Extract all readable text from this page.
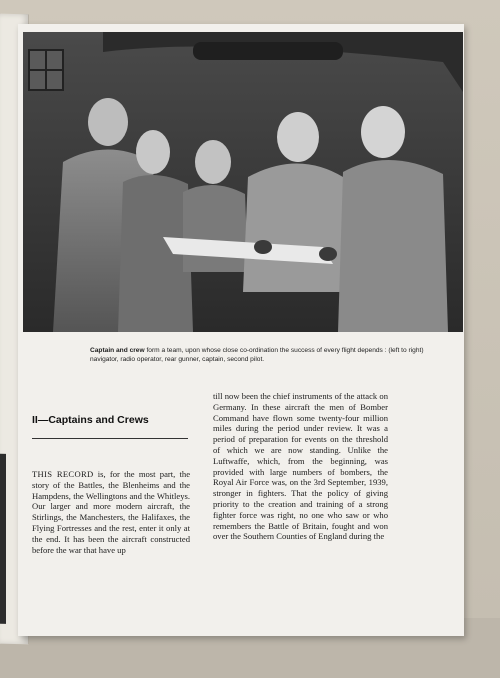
Captain and crew form a team, upon whose close co-ordination the success of every flight depends : (left to right) navigator, radio operator, rear gunner, captain, second pilot.
II—Captains and Crews
THIS RECORD is, for the most part, the story of the Battles, the Blenheims and the Hampdens, the Wellingtons and the Whitleys. Our larger and more modern aircraft, the Stirlings, the Manchesters, the Halifaxes, the Flying Fortresses and the rest, enter it only at the end. It has been the aircraft constructed before the war that have up
till now been the chief instruments of the attack on Germany. In these aircraft the men of Bomber Command have flown some twenty-four million miles during the period under review. It was a period of preparation for events on the threshold of which we are now standing. Unlike the Luftwaffe, which, from the beginning, was provided with large numbers of bombers, the Royal Air Force was, on the 3rd September, 1939, stronger in fighters. That the policy of giving priority to the creation and training of a strong fighter force was right, no one who saw or who remembers the Battle of Britain, fought and won over the Southern Counties of England during the
